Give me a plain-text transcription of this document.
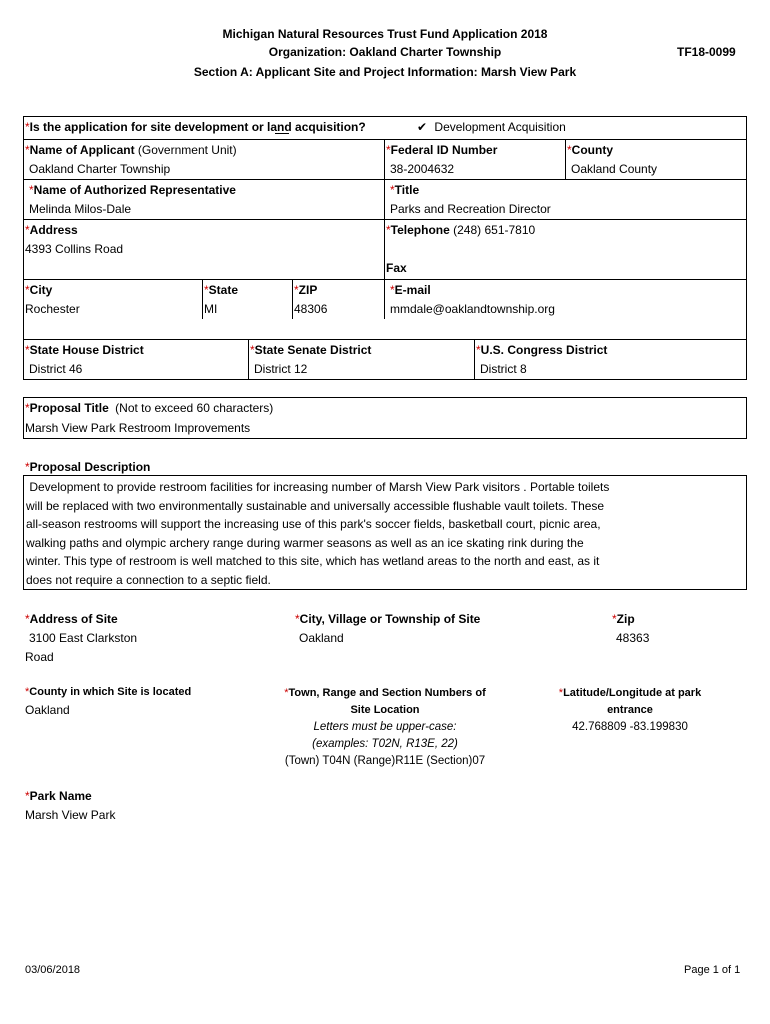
Michigan Natural Resources Trust Fund Application 2018
Organization: Oakland Charter Township
Section A: Applicant Site and Project Information: Marsh View Park
TF18-0099
*Is the application for site development or land acquisition?	✔ Development Acquisition
*Name of Applicant (Government Unit)
Oakland Charter Township
*Federal ID Number
38-2004632
*County
Oakland County
*Name of Authorized Representative
Melinda Milos-Dale
*Title
Parks and Recreation Director
*Address
4393 Collins Road
*Telephone (248) 651-7810
Fax
*City
Rochester
*State
MI
*ZIP
48306
*E-mail
mmdale@oaklandtownship.org
*State House District
District 46
*State Senate District
District 12
*U.S. Congress District
District 8
*Proposal Title (Not to exceed 60 characters)
Marsh View Park Restroom Improvements
*Proposal Description
Development to provide restroom facilities for increasing number of Marsh View Park visitors . Portable toilets
will be replaced with two environmentally sustainable and universally accessible flushable vault toilets. These
all-season restrooms will support the increasing use of this park's soccer fields, basketball court, picnic area,
walking paths and olympic archery range during warmer seasons as well as an ice skating rink during the
winter. This type of restroom is well matched to this site, which has wetland areas to the north and east, as it
does not require a connection to a septic field.
*Address of Site
3100 East Clarkston
Road
*City, Village or Township of Site
Oakland
*Zip
48363
*County in which Site is located
Oakland
*Town, Range and Section Numbers of
Site Location
Letters must be upper-case:
(examples: T02N, R13E, 22)
(Town) T04N (Range)R11E (Section)07
*Latitude/Longitude at park
entrance
42.768809 -83.199830
*Park Name
Marsh View Park
03/06/2018	Page 1 of 1
